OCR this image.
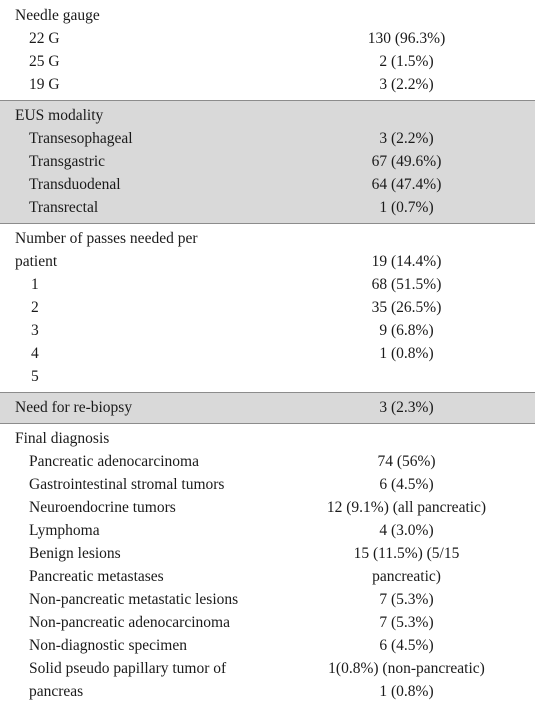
Needle gauge
22 G	130 (96.3%)
25 G	2 (1.5%)
19 G	3 (2.2%)
EUS modality
Transesophageal	3 (2.2%)
Transgastric	67 (49.6%)
Transduodenal	64 (47.4%)
Transrectal	1 (0.7%)
Number of passes needed per
patient	19 (14.4%)
1	68 (51.5%)
2	35 (26.5%)
3	9 (6.8%)
4	1 (0.8%)
5
Need for re-biopsy	3 (2.3%)
Final diagnosis
Pancreatic adenocarcinoma	74 (56%)
Gastrointestinal stromal tumors	6 (4.5%)
Neuroendocrine tumors	12 (9.1%) (all pancreatic)
Lymphoma	4 (3.0%)
Benign lesions	15 (11.5%) (5/15
Pancreatic metastases	pancreatic)
Non-pancreatic metastatic lesions	7 (5.3%)
Non-pancreatic adenocarcinoma	7 (5.3%)
Non-diagnostic specimen	6 (4.5%)
Solid pseudo papillary tumor of	1(0.8%) (non-pancreatic)
pancreas	1 (0.8%)
